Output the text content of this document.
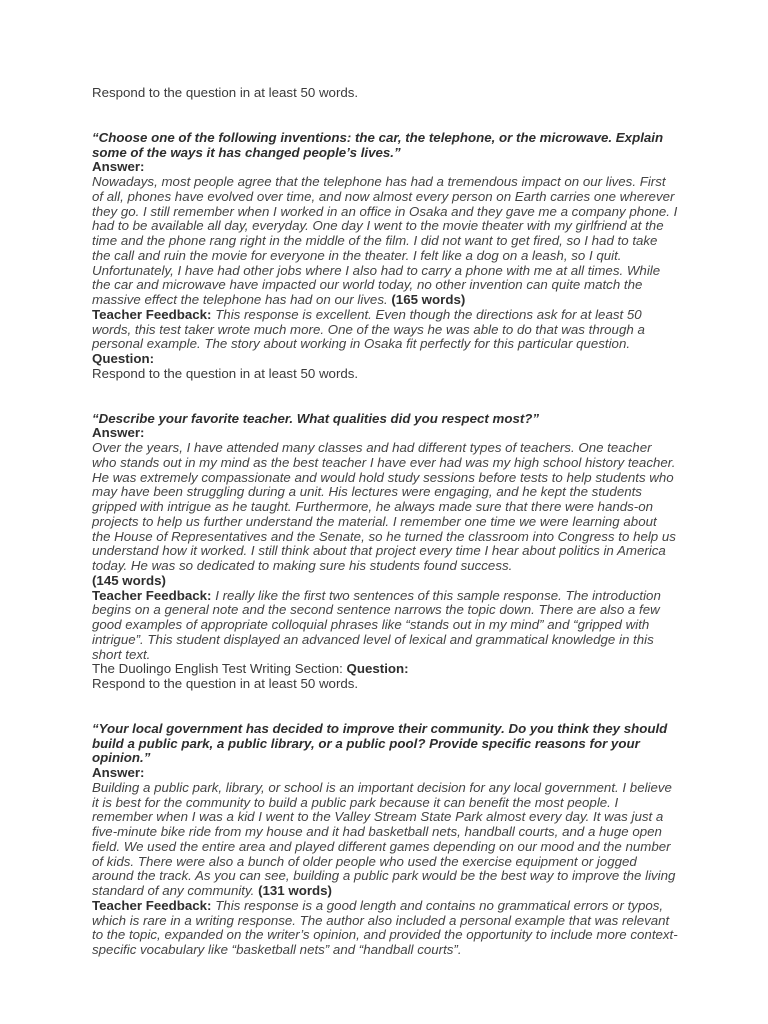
Respond to the question in at least 50 words.

“Choose one of the following inventions: the car, the telephone, or the microwave. Explain some of the ways it has changed people’s lives.”

Answer:

Nowadays, most people agree that the telephone has had a tremendous impact on our lives. First of all, phones have evolved over time, and now almost every person on Earth carries one wherever they go. I still remember when I worked in an office in Osaka and they gave me a company phone. I had to be available all day, everyday. One day I went to the movie theater with my girlfriend at the time and the phone rang right in the middle of the film. I did not want to get fired, so I had to take the call and ruin the movie for everyone in the theater. I felt like a dog on a leash, so I quit. Unfortunately, I have had other jobs where I also had to carry a phone with me at all times. While the car and microwave have impacted our world today, no other invention can quite match the massive effect the telephone has had on our lives. (165 words)

Teacher Feedback: This response is excellent. Even though the directions ask for at least 50 words, this test taker wrote much more. One of the ways he was able to do that was through a personal example. The story about working in Osaka fit perfectly for this particular question.

Question:

Respond to the question in at least 50 words.

“Describe your favorite teacher. What qualities did you respect most?”

Answer:

Over the years, I have attended many classes and had different types of teachers. One teacher who stands out in my mind as the best teacher I have ever had was my high school history teacher. He was extremely compassionate and would hold study sessions before tests to help students who may have been struggling during a unit. His lectures were engaging, and he kept the students gripped with intrigue as he taught. Furthermore, he always made sure that there were hands-on projects to help us further understand the material. I remember one time we were learning about the House of Representatives and the Senate, so he turned the classroom into Congress to help us understand how it worked. I still think about that project every time I hear about politics in America today. He was so dedicated to making sure his students found success.

(145 words)

Teacher Feedback: I really like the first two sentences of this sample response. The introduction begins on a general note and the second sentence narrows the topic down. There are also a few good examples of appropriate colloquial phrases like “stands out in my mind” and “gripped with intrigue”. This student displayed an advanced level of lexical and grammatical knowledge in this short text.

The Duolingo English Test Writing Section: Question:

Respond to the question in at least 50 words.

“Your local government has decided to improve their community. Do you think they should build a public park, a public library, or a public pool? Provide specific reasons for your opinion.”

Answer:

Building a public park, library, or school is an important decision for any local government. I believe it is best for the community to build a public park because it can benefit the most people. I remember when I was a kid I went to the Valley Stream State Park almost every day. It was just a five-minute bike ride from my house and it had basketball nets, handball courts, and a huge open field. We used the entire area and played different games depending on our mood and the number of kids. There were also a bunch of older people who used the exercise equipment or jogged around the track. As you can see, building a public park would be the best way to improve the living standard of any community. (131 words)

Teacher Feedback: This response is a good length and contains no grammatical errors or typos, which is rare in a writing response. The author also included a personal example that was relevant to the topic, expanded on the writer’s opinion, and provided the opportunity to include more context-specific vocabulary like “basketball nets” and “handball courts”.
